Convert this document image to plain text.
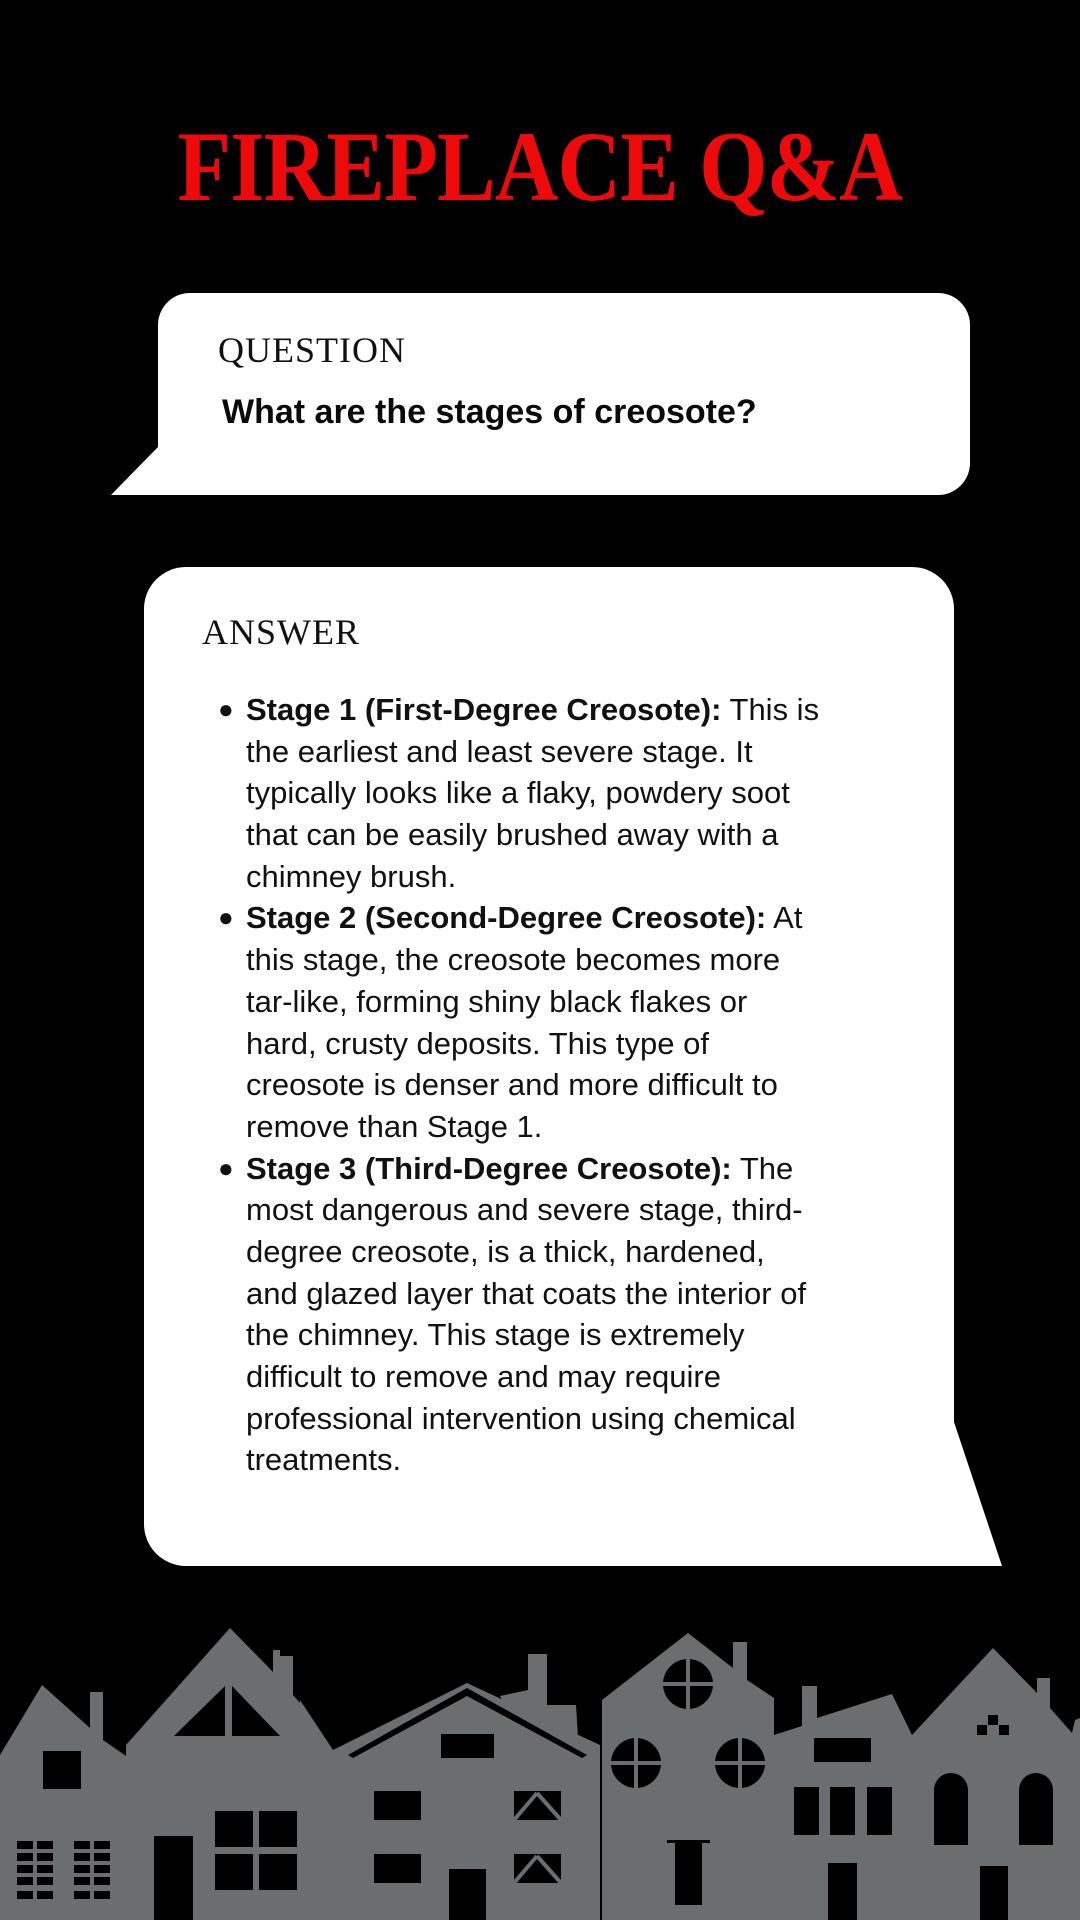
FIREPLACE Q&A
QUESTION
What are the stages of creosote?
ANSWER
● Stage 1 (First-Degree Creosote): This is
the earliest and least severe stage. It
typically looks like a flaky, powdery soot
that can be easily brushed away with a
chimney brush.
● Stage 2 (Second-Degree Creosote): At
this stage, the creosote becomes more
tar-like, forming shiny black flakes or
hard, crusty deposits. This type of
creosote is denser and more difficult to
remove than Stage 1.
● Stage 3 (Third-Degree Creosote): The
most dangerous and severe stage, third-
degree creosote, is a thick, hardened,
and glazed layer that coats the interior of
the chimney. This stage is extremely
difficult to remove and may require
professional intervention using chemical
treatments.
